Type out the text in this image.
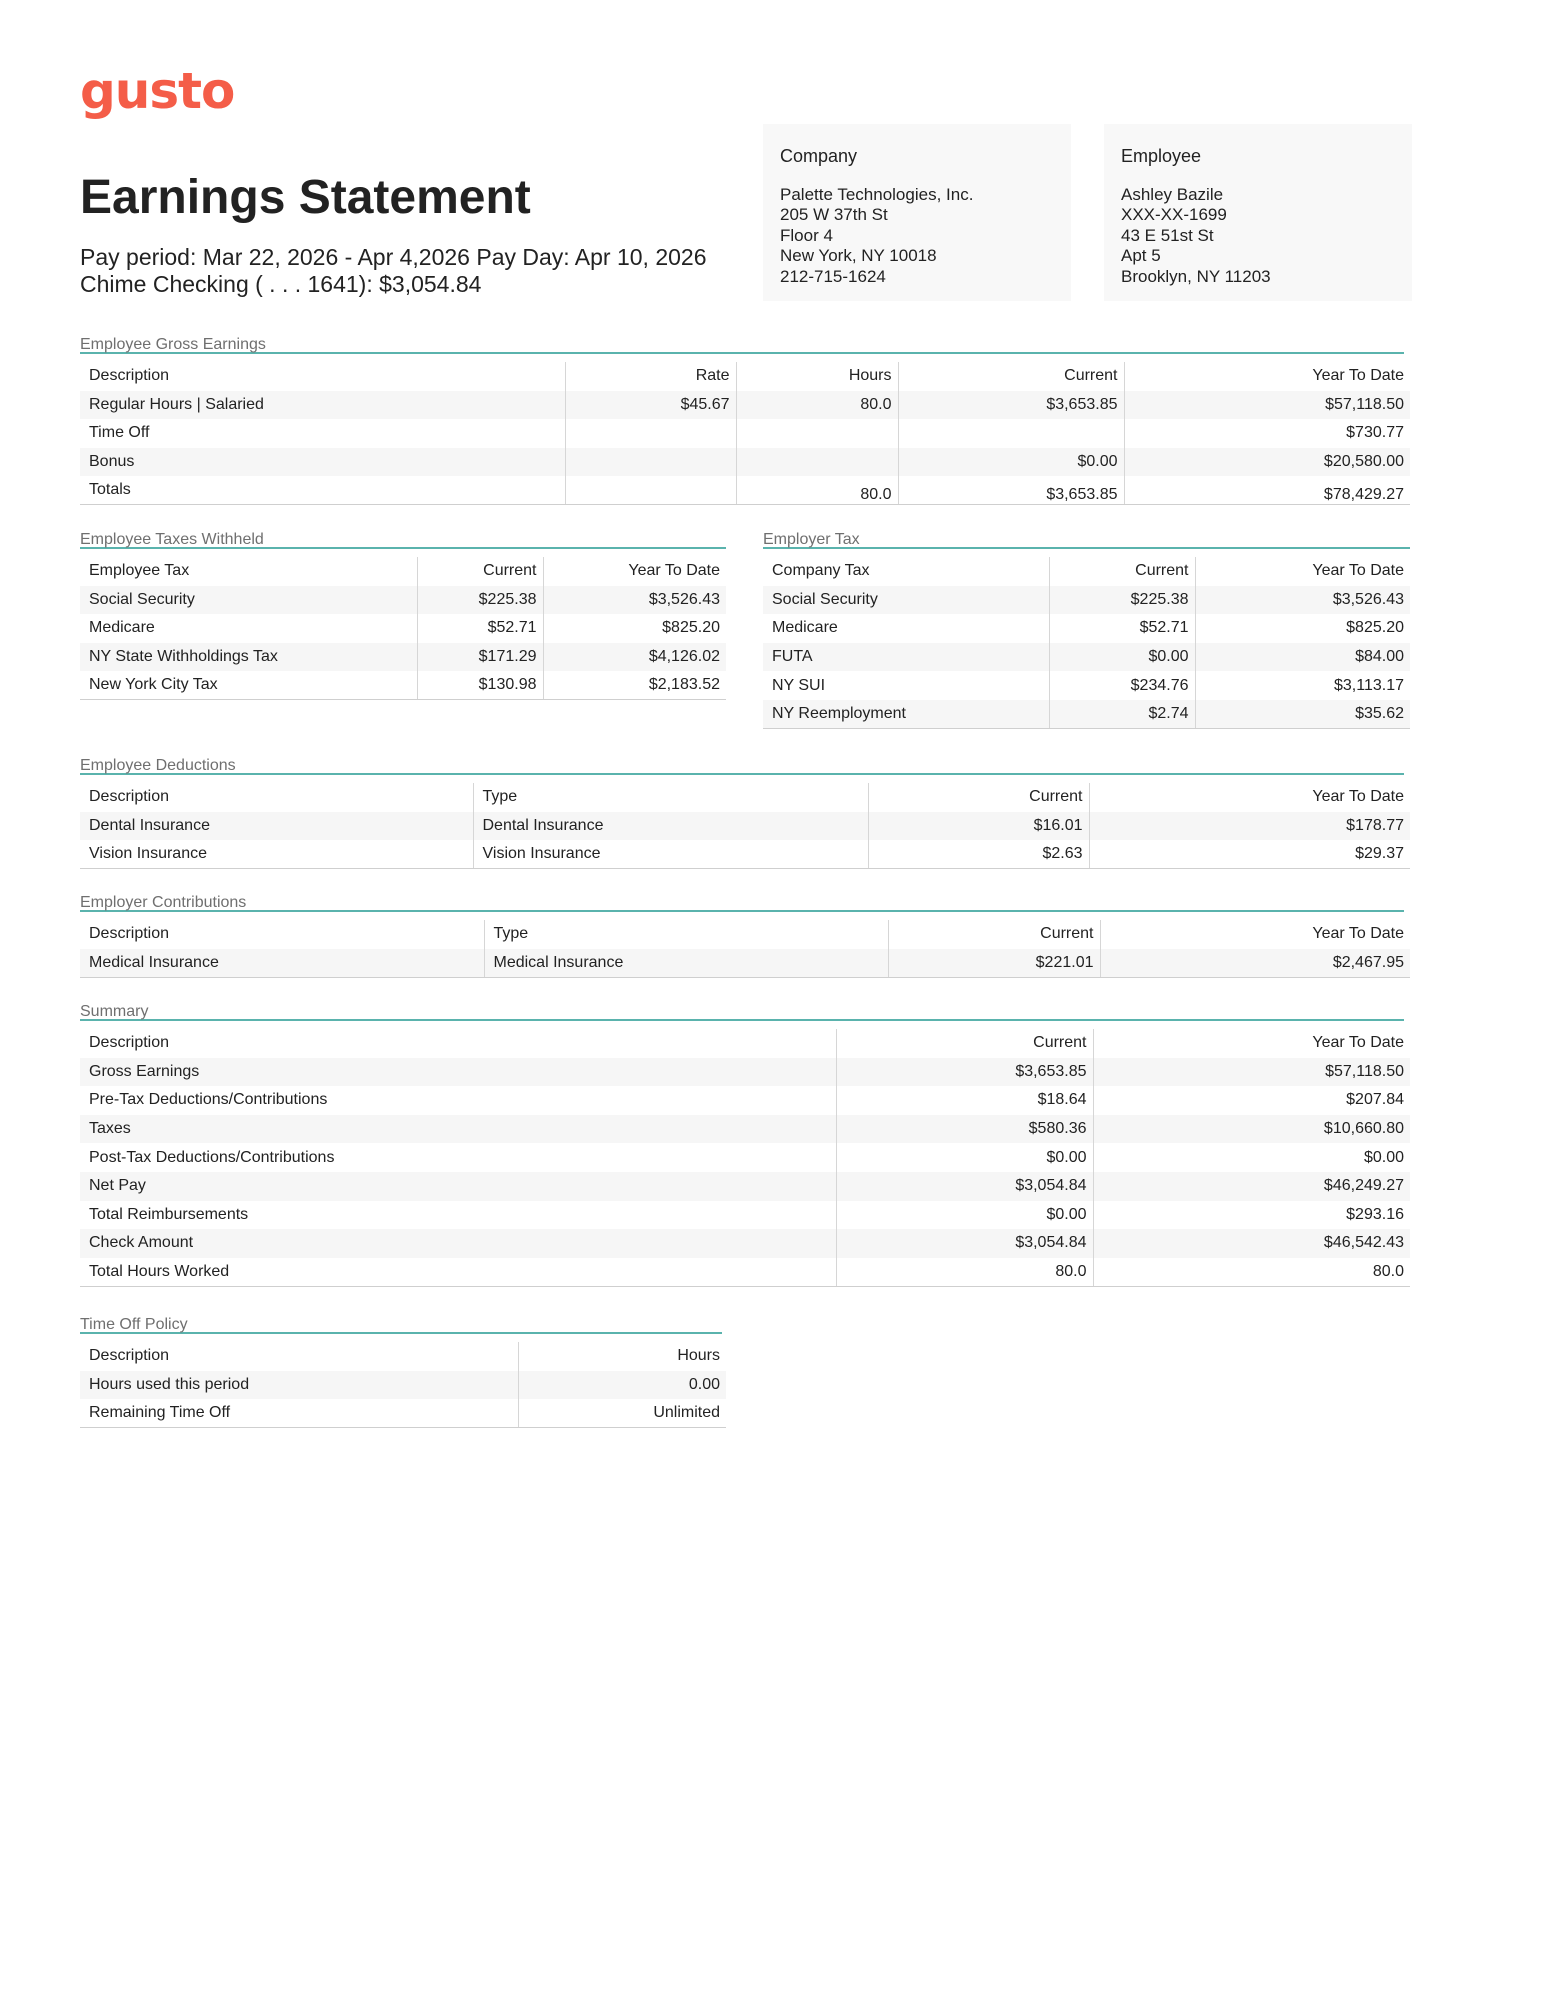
gusto
Earnings Statement
Pay period: Mar 22, 2026 - Apr 4,2026 Pay Day: Apr 10, 2026
Chime Checking ( . . . 1641): $3,054.84
Company
Palette Technologies, Inc.
205 W 37th St
Floor 4
New York, NY 10018
212-715-1624
Employee
Ashley Bazile
XXX-XX-1699
43 E 51st St
Apt 5
Brooklyn, NY 11203
Employee Gross Earnings
Description	Rate	Hours	Current	Year To Date
Regular Hours | Salaried	$45.67	80.0	$3,653.85	$57,118.50
Time Off				$730.77
Bonus			$0.00	$20,580.00
Totals		80.0	$3,653.85	$78,429.27
Employee Taxes Withheld
Employee Tax	Current	Year To Date
Social Security	$225.38	$3,526.43
Medicare	$52.71	$825.20
NY State Withholdings Tax	$171.29	$4,126.02
New York City Tax	$130.98	$2,183.52
Employer Tax
Company Tax	Current	Year To Date
Social Security	$225.38	$3,526.43
Medicare	$52.71	$825.20
FUTA	$0.00	$84.00
NY SUI	$234.76	$3,113.17
NY Reemployment	$2.74	$35.62
Employee Deductions
Description	Type	Current	Year To Date
Dental Insurance	Dental Insurance	$16.01	$178.77
Vision Insurance	Vision Insurance	$2.63	$29.37
Employer Contributions
Description	Type	Current	Year To Date
Medical Insurance	Medical Insurance	$221.01	$2,467.95
Summary
Description	Current	Year To Date
Gross Earnings	$3,653.85	$57,118.50
Pre-Tax Deductions/Contributions	$18.64	$207.84
Taxes	$580.36	$10,660.80
Post-Tax Deductions/Contributions	$0.00	$0.00
Net Pay	$3,054.84	$46,249.27
Total Reimbursements	$0.00	$293.16
Check Amount	$3,054.84	$46,542.43
Total Hours Worked	80.0	80.0
Time Off Policy
Description	Hours
Hours used this period	0.00
Remaining Time Off	Unlimited
